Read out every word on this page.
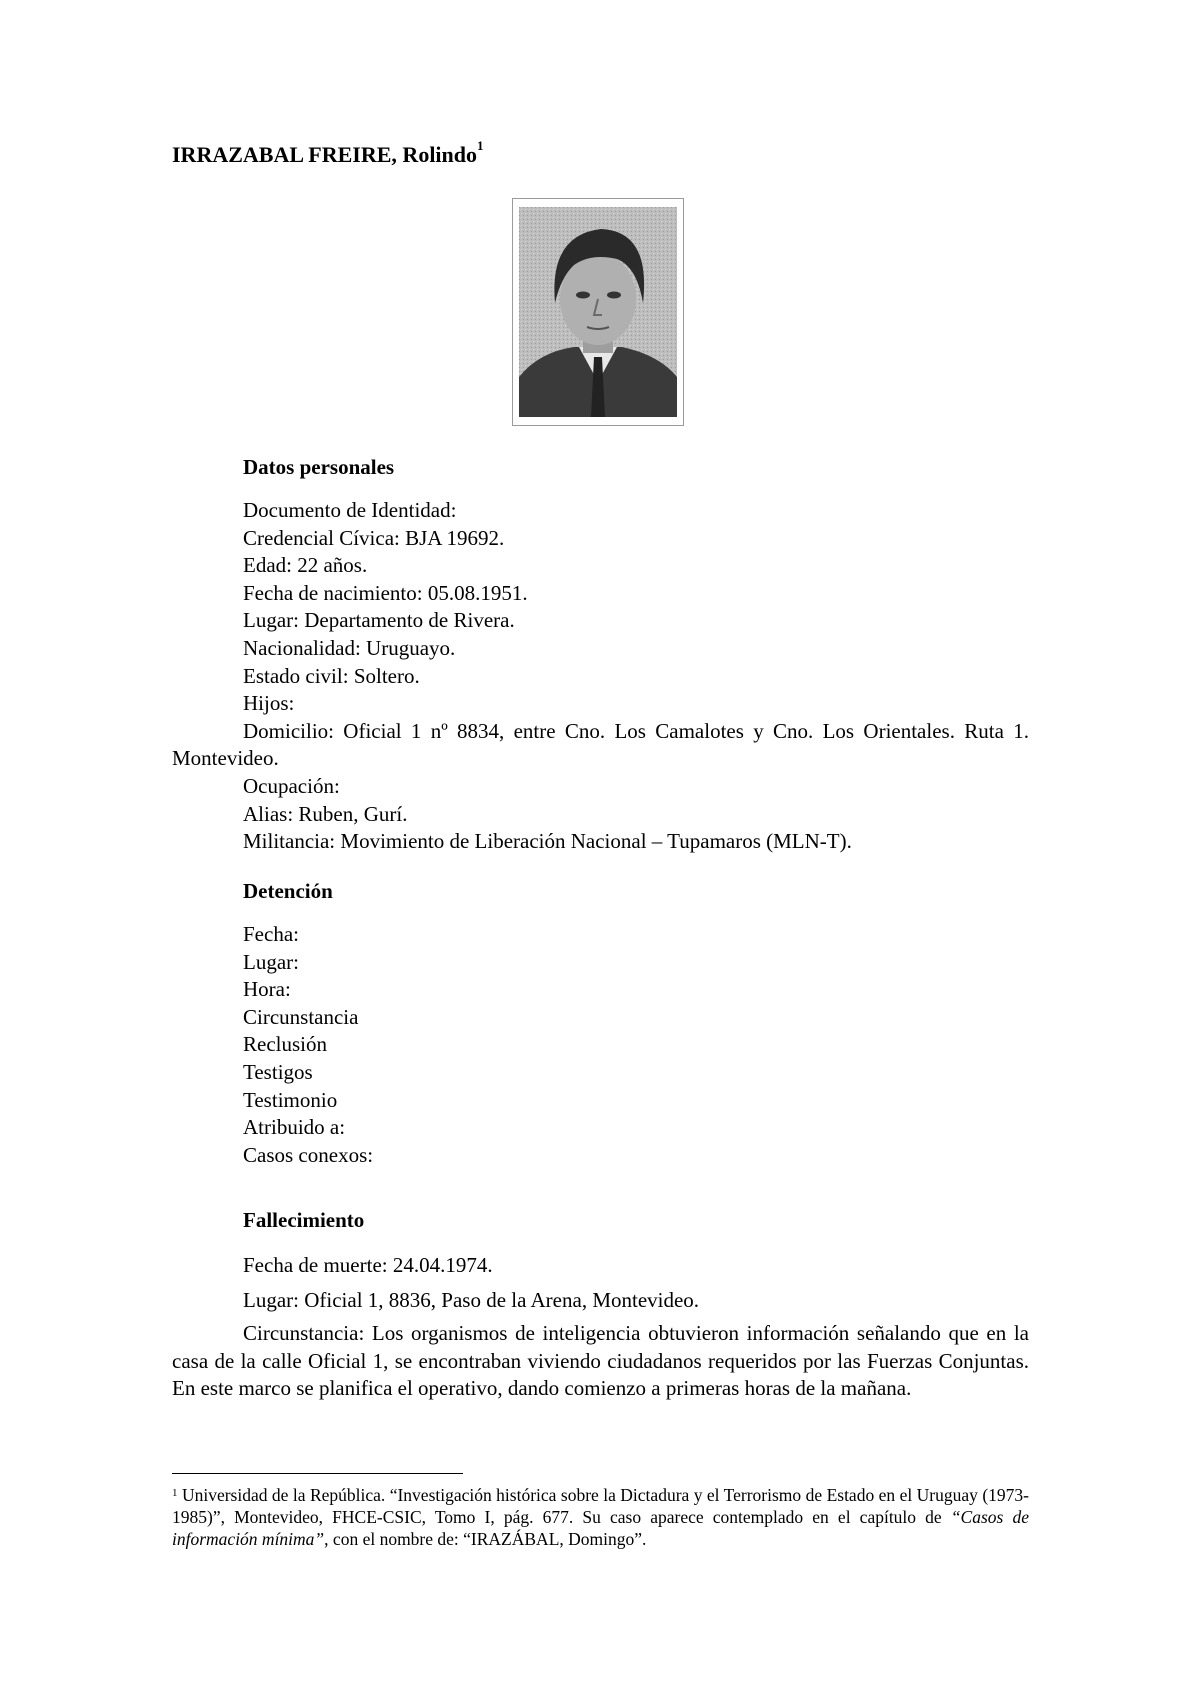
IRRAZABAL FREIRE, Rolindo$^1$
Datos personales
Documento de Identidad:
Credencial Cívica: BJA 19692.
Edad: 22 años.
Fecha de nacimiento: 05.08.1951.
Lugar: Departamento de Rivera.
Nacionalidad: Uruguayo.
Estado civil: Soltero.
Hijos:
Domicilio: Oficial 1 nº 8834, entre Cno. Los Camalotes y Cno. Los Orientales. Ruta 1. Montevideo.
Ocupación:
Alias: Ruben, Gurí.
Militancia: Movimiento de Liberación Nacional – Tupamaros (MLN-T).
Detención
Fecha:
Lugar:
Hora:
Circunstancia
Reclusión
Testigos
Testimonio
Atribuido a:
Casos conexos:
Fallecimiento
Fecha de muerte: 24.04.1974.
Lugar: Oficial 1, 8836, Paso de la Arena, Montevideo.
Circunstancia: Los organismos de inteligencia obtuvieron información señalando que en la casa de la calle Oficial 1, se encontraban viviendo ciudadanos requeridos por las Fuerzas Conjuntas. En este marco se planifica el operativo, dando comienzo a primeras horas de la mañana.
$^1$ Universidad de la República. “Investigación histórica sobre la Dictadura y el Terrorismo de Estado en el Uruguay (1973-1985)”, Montevideo, FHCE-CSIC, Tomo I, pág. 677. Su caso aparece contemplado en el capítulo de “Casos de información mínima”, con el nombre de: “IRAZÁBAL, Domingo”.
